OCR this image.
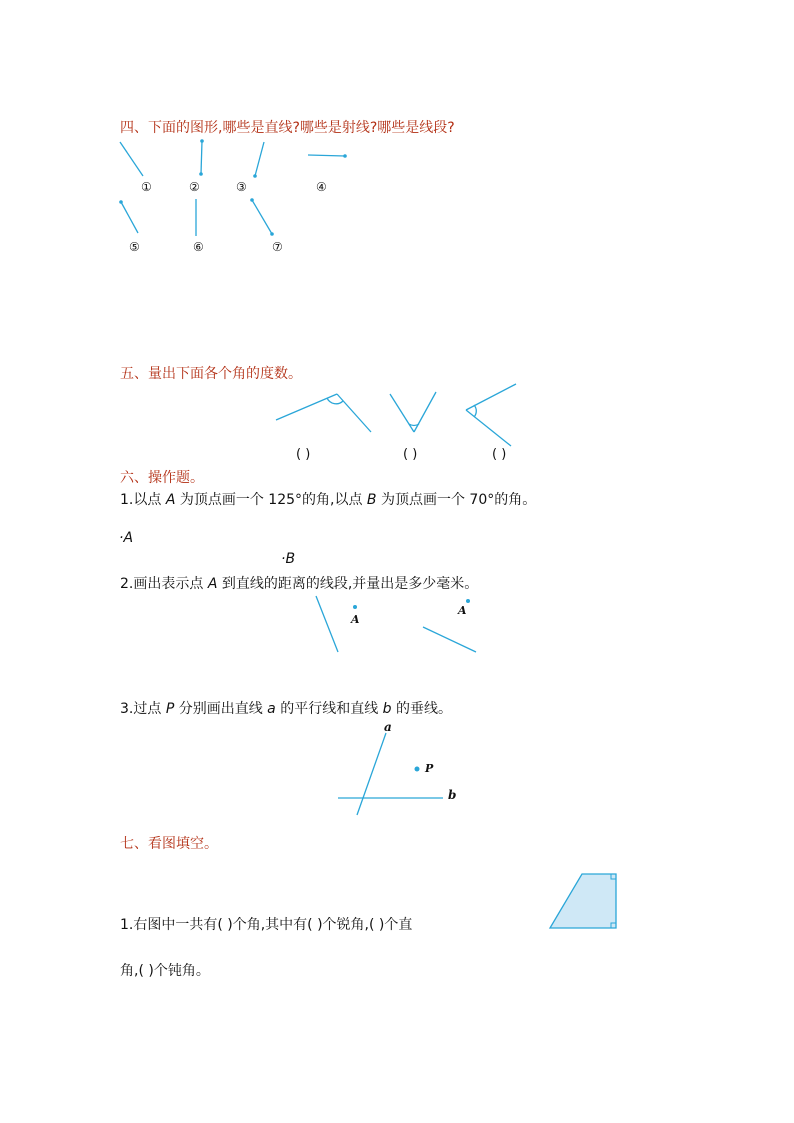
四、下面的图形,哪些是直线?哪些是射线?哪些是线段?
①	②	③	④
⑤	⑥	⑦
五、量出下面各个角的度数。
( )	( )	( )
六、操作题。
1.以点 A 为顶点画一个 125°的角,以点 B 为顶点画一个 70°的角。
·A
·B
2.画出表示点 A 到直线的距离的线段,并量出是多少毫米。
A
A
3.过点 P 分别画出直线 a 的平行线和直线 b 的垂线。
a
P
b
七、看图填空。
1.右图中一共有( )个角,其中有( )个锐角,( )个直
角,( )个钝角。
